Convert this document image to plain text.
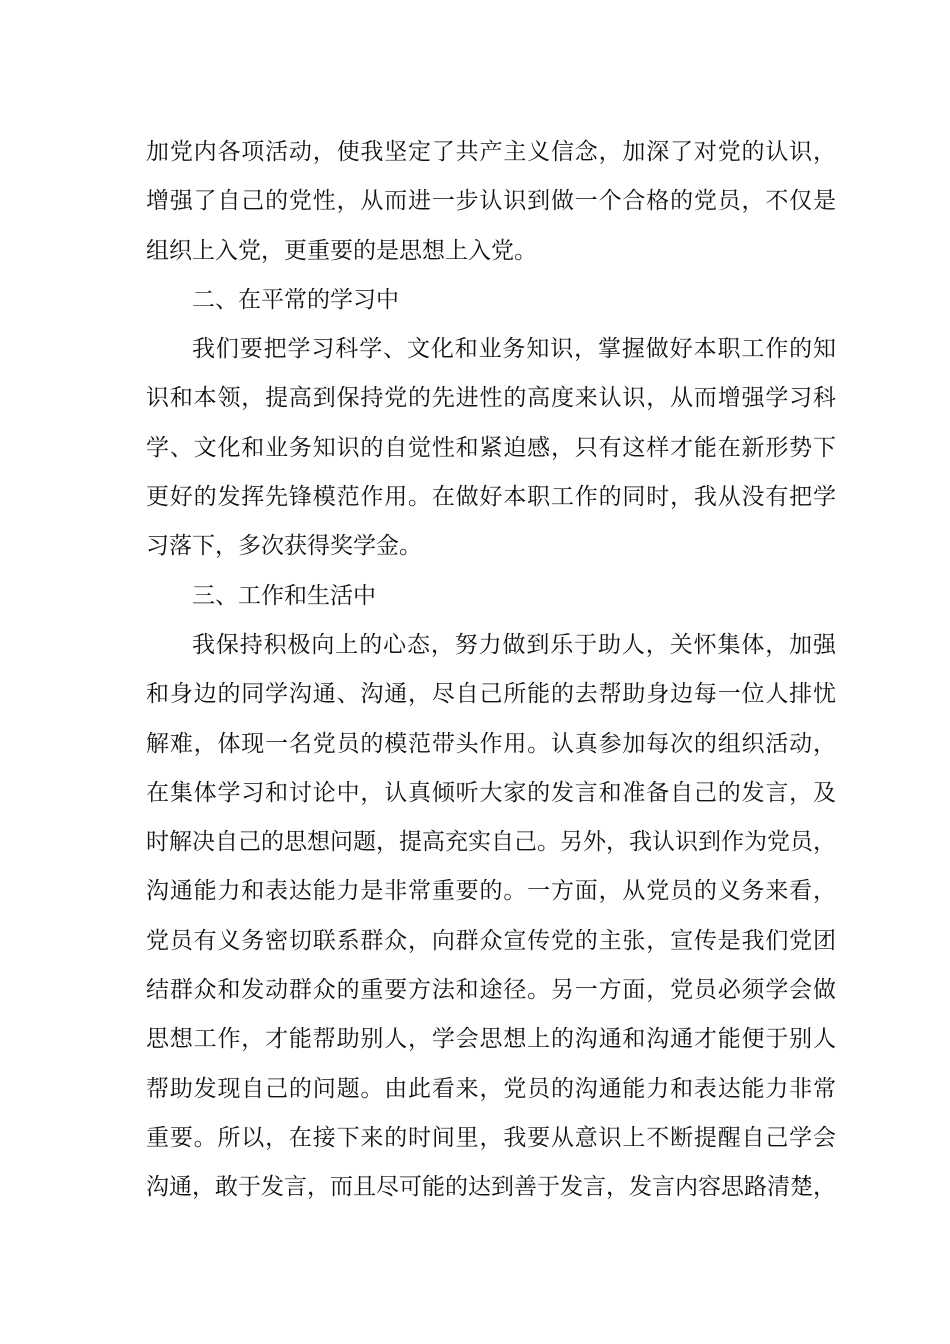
加党内各项活动，使我坚定了共产主义信念，加深了对党的认识，
增强了自己的党性，从而进一步认识到做一个合格的党员，不仅是
组织上入党，更重要的是思想上入党。
二、在平常的学习中
我们要把学习科学、文化和业务知识，掌握做好本职工作的知
识和本领，提高到保持党的先进性的高度来认识，从而增强学习科
学、文化和业务知识的自觉性和紧迫感，只有这样才能在新形势下
更好的发挥先锋模范作用。在做好本职工作的同时，我从没有把学
习落下，多次获得奖学金。
三、工作和生活中
我保持积极向上的心态，努力做到乐于助人，关怀集体，加强
和身边的同学沟通、沟通，尽自己所能的去帮助身边每一位人排忧
解难，体现一名党员的模范带头作用。认真参加每次的组织活动，
在集体学习和讨论中，认真倾听大家的发言和准备自己的发言，及
时解决自己的思想问题，提高充实自己。另外，我认识到作为党员，
沟通能力和表达能力是非常重要的。一方面，从党员的义务来看，
党员有义务密切联系群众，向群众宣传党的主张，宣传是我们党团
结群众和发动群众的重要方法和途径。另一方面，党员必须学会做
思想工作，才能帮助别人，学会思想上的沟通和沟通才能便于别人
帮助发现自己的问题。由此看来，党员的沟通能力和表达能力非常
重要。所以，在接下来的时间里，我要从意识上不断提醒自己学会
沟通，敢于发言，而且尽可能的达到善于发言，发言内容思路清楚，
